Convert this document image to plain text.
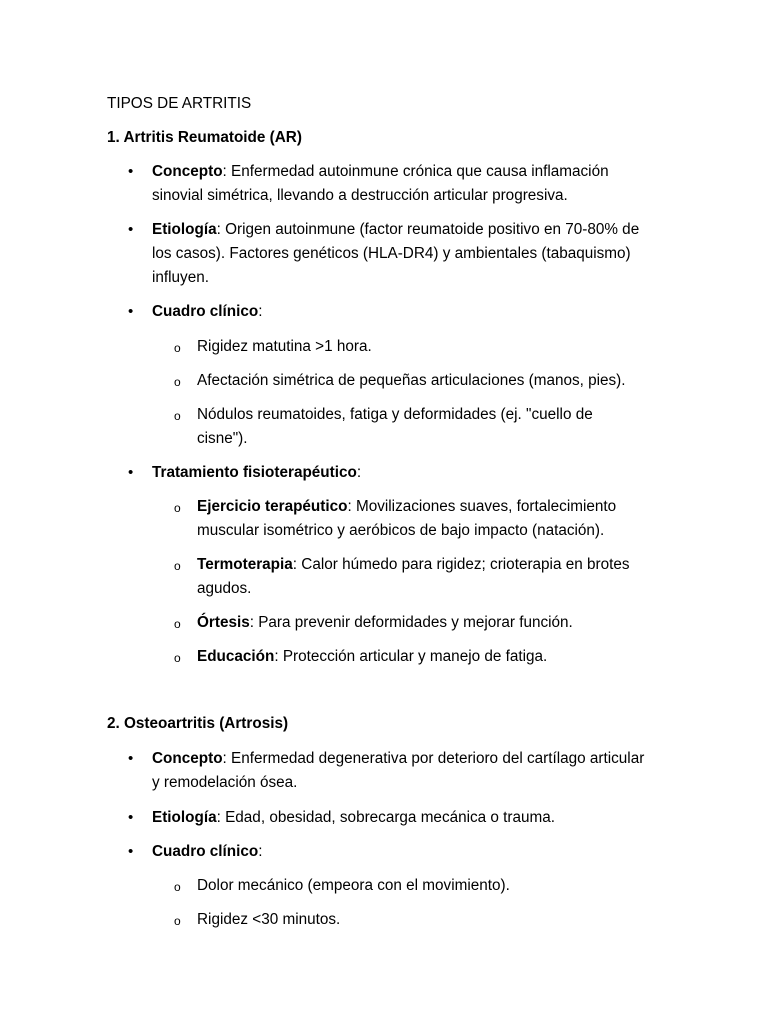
TIPOS DE ARTRITIS

1. Artritis Reumatoide (AR)

• Concepto: Enfermedad autoinmune crónica que causa inflamación sinovial simétrica, llevando a destrucción articular progresiva.
• Etiología: Origen autoinmune (factor reumatoide positivo en 70-80% de los casos). Factores genéticos (HLA-DR4) y ambientales (tabaquismo) influyen.
• Cuadro clínico:
o Rigidez matutina >1 hora.
o Afectación simétrica de pequeñas articulaciones (manos, pies).
o Nódulos reumatoides, fatiga y deformidades (ej. "cuello de cisne").
• Tratamiento fisioterapéutico:
o Ejercicio terapéutico: Movilizaciones suaves, fortalecimiento muscular isométrico y aeróbicos de bajo impacto (natación).
o Termoterapia: Calor húmedo para rigidez; crioterapia en brotes agudos.
o Órtesis: Para prevenir deformidades y mejorar función.
o Educación: Protección articular y manejo de fatiga.

2. Osteoartritis (Artrosis)

• Concepto: Enfermedad degenerativa por deterioro del cartílago articular y remodelación ósea.
• Etiología: Edad, obesidad, sobrecarga mecánica o trauma.
• Cuadro clínico:
o Dolor mecánico (empeora con el movimiento).
o Rigidez <30 minutos.
